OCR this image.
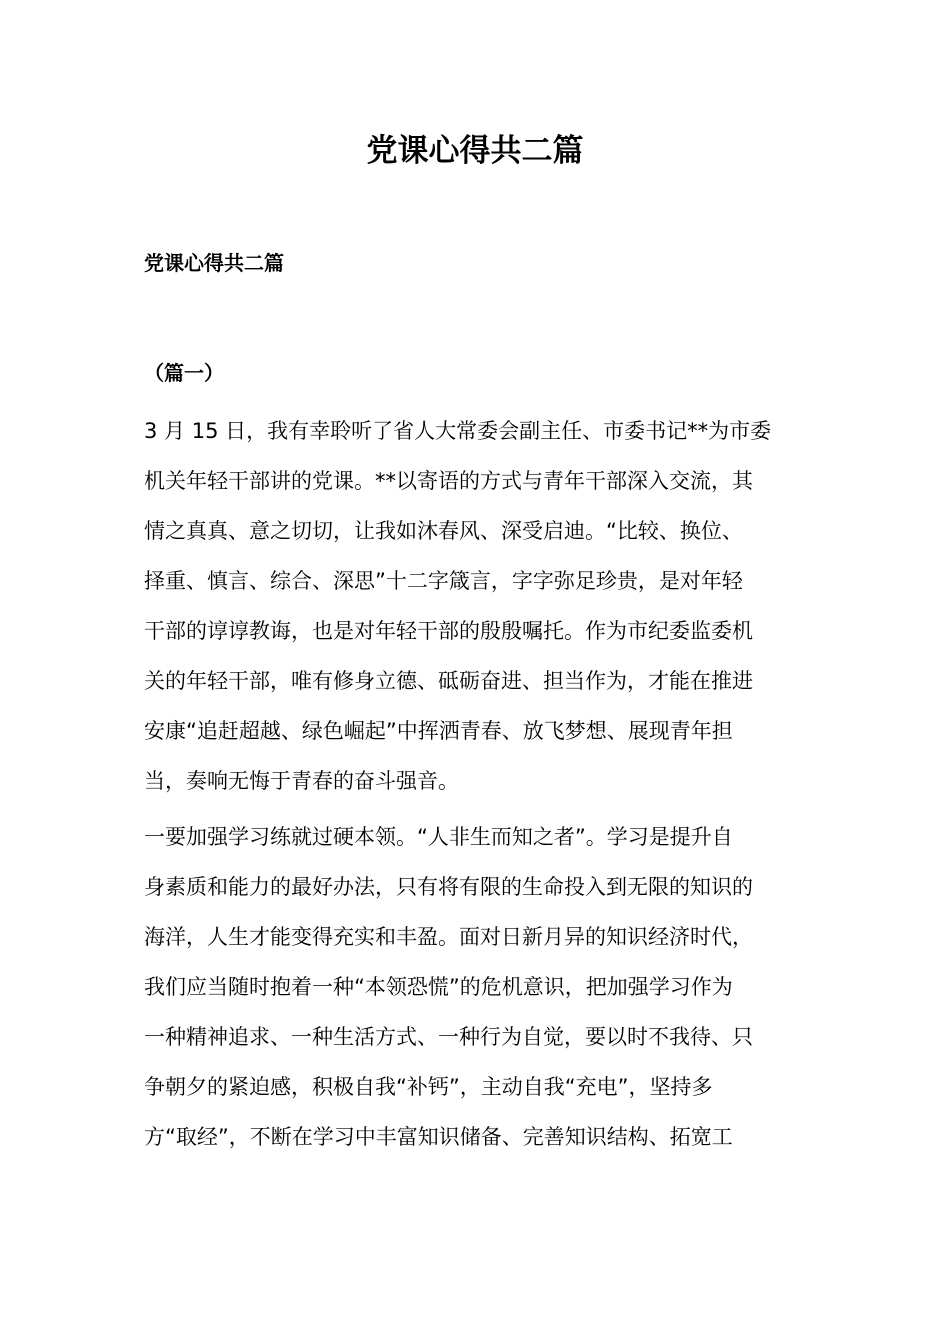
党课心得共二篇
党课心得共二篇
（篇一）

3 月 15 日，我有幸聆听了省人大常委会副主任、市委书记**为市委
机关年轻干部讲的党课。**以寄语的方式与青年干部深入交流，其
情之真真、意之切切，让我如沐春风、深受启迪。“比较、换位、
择重、慎言、综合、深思”十二字箴言，字字弥足珍贵，是对年轻
干部的谆谆教诲，也是对年轻干部的殷殷嘱托。作为市纪委监委机
关的年轻干部，唯有修身立德、砥砺奋进、担当作为，才能在推进
安康“追赶超越、绿色崛起”中挥洒青春、放飞梦想、展现青年担
当，奏响无悔于青春的奋斗强音。

一要加强学习练就过硬本领。“人非生而知之者”。学习是提升自
身素质和能力的最好办法，只有将有限的生命投入到无限的知识的
海洋，人生才能变得充实和丰盈。面对日新月异的知识经济时代，
我们应当随时抱着一种“本领恐慌”的危机意识，把加强学习作为
一种精神追求、一种生活方式、一种行为自觉，要以时不我待、只
争朝夕的紧迫感，积极自我“补钙”，主动自我“充电”，坚持多
方“取经”，不断在学习中丰富知识储备、完善知识结构、拓宽工
